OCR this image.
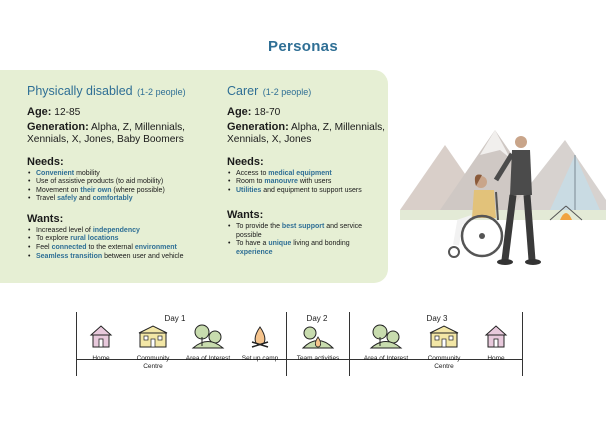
Personas
Physically disabled (1-2 people)
Age: 12-85
Generation: Alpha, Z, Millennials, Xennials, X, Jones, Baby Boomers
Needs:
• Convenient mobility
• Use of assistive products (to aid mobility)
• Movement on their own (where possible)
• Travel safely and comfortably
Wants:
• Increased level of independency
• To explore rural locations
• Feel connected to the external environment
• Seamless transition between user and vehicle
Carer (1-2 people)
Age: 18-70
Generation: Alpha, Z, Millennials, Xennials, X, Jones
Needs:
• Access to medical equipment
• Room to manouvre with users
• Utilities and equipment to support users
Wants:
• To provide the best support and service possible
• To have a unique living and bonding experience
Day 1	Day 2	Day 3
Home	Community Centre
Area of Interest	Set up camp	Team activities	Area of Interest	Community Centre
Home
